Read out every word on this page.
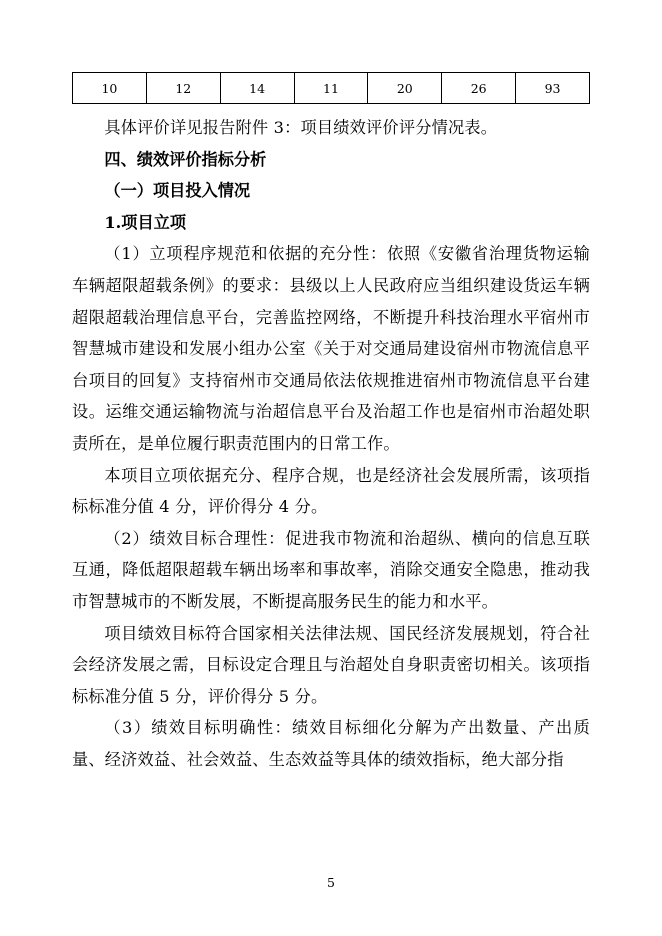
10	12	14	11	20	26	93

具体评价详见报告附件 3：项目绩效评价评分情况表。

四、绩效评价指标分析

（一）项目投入情况

1.项目立项

（1）立项程序规范和依据的充分性：依照《安徽省治理货物运输车辆超限超载条例》的要求：县级以上人民政府应当组织建设货运车辆超限超载治理信息平台，完善监控网络，不断提升科技治理水平宿州市智慧城市建设和发展小组办公室《关于对交通局建设宿州市物流信息平台项目的回复》支持宿州市交通局依法依规推进宿州市物流信息平台建设。运维交通运输物流与治超信息平台及治超工作也是宿州市治超处职责所在，是单位履行职责范围内的日常工作。

本项目立项依据充分、程序合规，也是经济社会发展所需，该项指标标准分值 4 分，评价得分 4 分。

（2）绩效目标合理性：促进我市物流和治超纵、横向的信息互联互通，降低超限超载车辆出场率和事故率，消除交通安全隐患，推动我市智慧城市的不断发展，不断提高服务民生的能力和水平。

项目绩效目标符合国家相关法律法规、国民经济发展规划，符合社会经济发展之需，目标设定合理且与治超处自身职责密切相关。该项指标标准分值 5 分，评价得分 5 分。

（3）绩效目标明确性：绩效目标细化分解为产出数量、产出质量、经济效益、社会效益、生态效益等具体的绩效指标，绝大部分指

5
